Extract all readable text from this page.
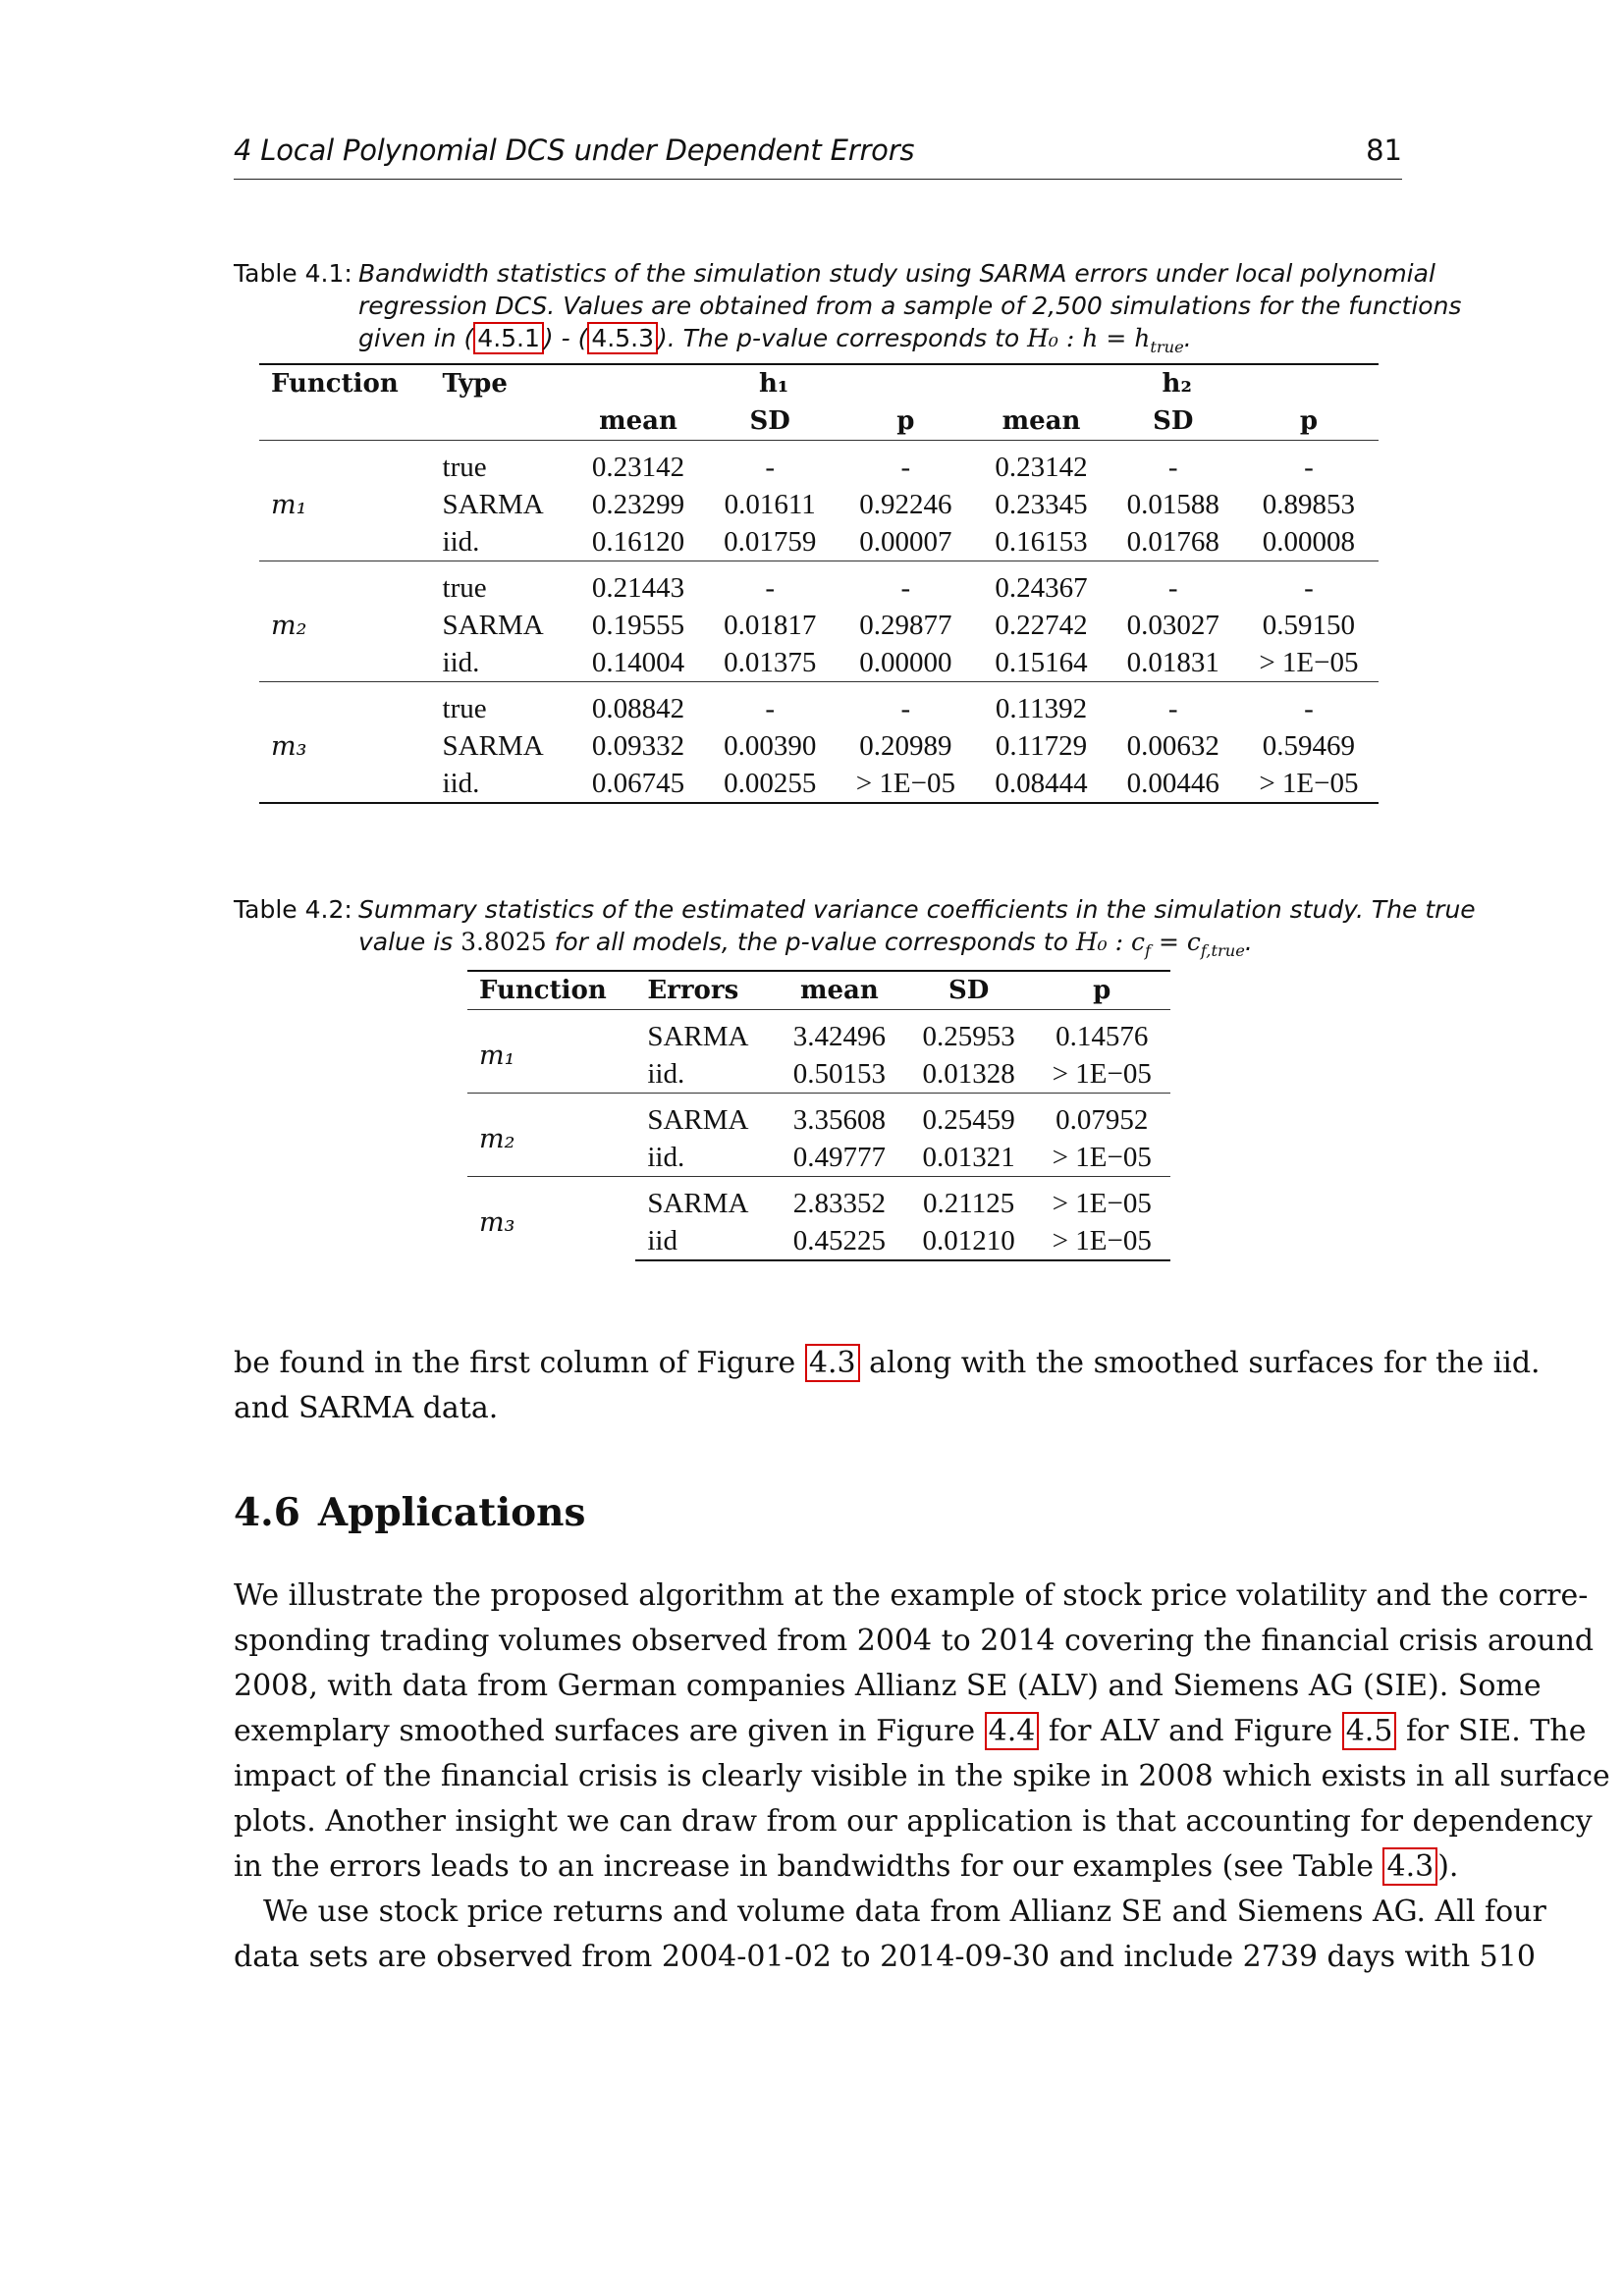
4 Local Polynomial DCS under Dependent Errors	81
Table 4.1: Bandwidth statistics of the simulation study using SARMA errors under local polynomial
regression DCS. Values are obtained from a sample of 2,500 simulations for the functions
given in ( 4.5.1 ) - ( 4.5.3 ). The p-value corresponds to H₀ : $h = h_{true}$.
Function	Type	h₁			h₂		
		mean	SD	p	mean	SD	p
	true	0.23142	-	-	0.23142	-	-
m₁	SARMA	0.23299	0.01611	0.92246	0.23345	0.01588	0.89853
	iid.	0.16120	0.01759	0.00007	0.16153	0.01768	0.00008
	true	0.21443	-	-	0.24367	-	-
m₂	SARMA	0.19555	0.01817	0.29877	0.22742	0.03027	0.59150
	iid.	0.14004	0.01375	0.00000	0.15164	0.01831	> 1E−05
	true	0.08842	-	-	0.11392	-	-
m₃	SARMA	0.09332	0.00390	0.20989	0.11729	0.00632	0.59469
	iid.	0.06745	0.00255	> 1E−05	0.08444	0.00446	> 1E−05
Table 4.2: Summary statistics of the estimated variance coefficients in the simulation study. The true
value is 3.8025 for all models, the p-value corresponds to H₀ : $c_f = c_{f,true}$.
Function	Errors	mean	SD	p
m₁	SARMA	3.42496	0.25953	0.14576
	iid.	0.50153	0.01328	> 1E−05
m₂	SARMA	3.35608	0.25459	0.07952
	iid.	0.49777	0.01321	> 1E−05
m₃	SARMA	2.83352	0.21125	> 1E−05
	iid	0.45225	0.01210	> 1E−05
be found in the first column of Figure 4.3 along with the smoothed surfaces for the iid.
and SARMA data.
4.6 Applications
We illustrate the proposed algorithm at the example of stock price volatility and the corre-
sponding trading volumes observed from 2004 to 2014 covering the financial crisis around
2008, with data from German companies Allianz SE (ALV) and Siemens AG (SIE). Some
exemplary smoothed surfaces are given in Figure 4.4 for ALV and Figure 4.5 for SIE. The
impact of the financial crisis is clearly visible in the spike in 2008 which exists in all surface
plots. Another insight we can draw from our application is that accounting for dependency
in the errors leads to an increase in bandwidths for our examples (see Table 4.3 ).
We use stock price returns and volume data from Allianz SE and Siemens AG. All four
data sets are observed from 2004-01-02 to 2014-09-30 and include 2739 days with 510
